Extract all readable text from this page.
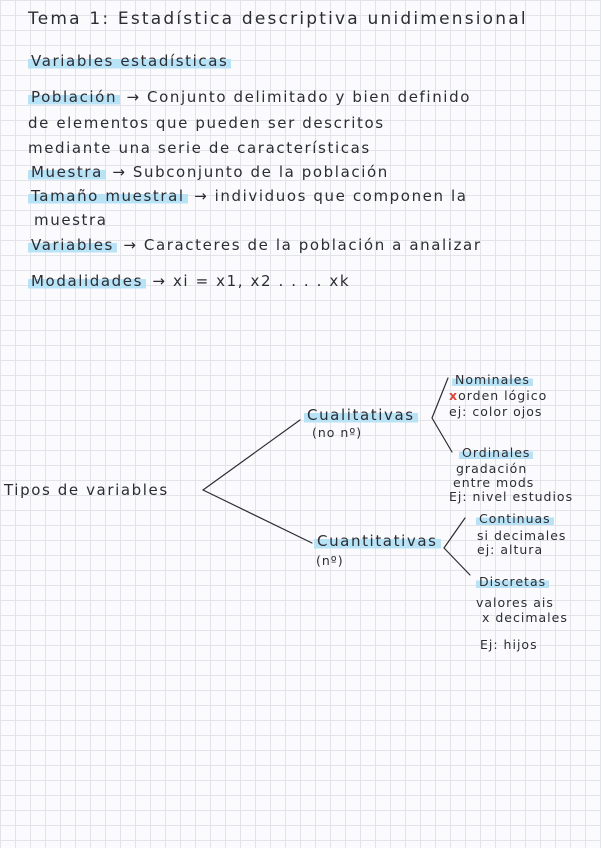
Tema 1: Estadística descriptiva unidimensional
Variables estadísticas
Población → Conjunto delimitado y bien definido
de elementos que pueden ser descritos
mediante una serie de características
Muestra → Subconjunto de la población
Tamaño muestral → individuos que componen la
muestra
Variables → Caracteres de la población a analizar
Modalidades → xi = x1, x2 . . . . xk
Tipos de variables
Cualitativas
(no nº)
Nominales
xorden lógico
ej: color ojos
Ordinales
gradación
entre mods
Ej: nivel estudios
Cuantitativas
(nº)
Continuas
si decimales
ej: altura
Discretas
valores ais
x decimales
Ej: hijos
